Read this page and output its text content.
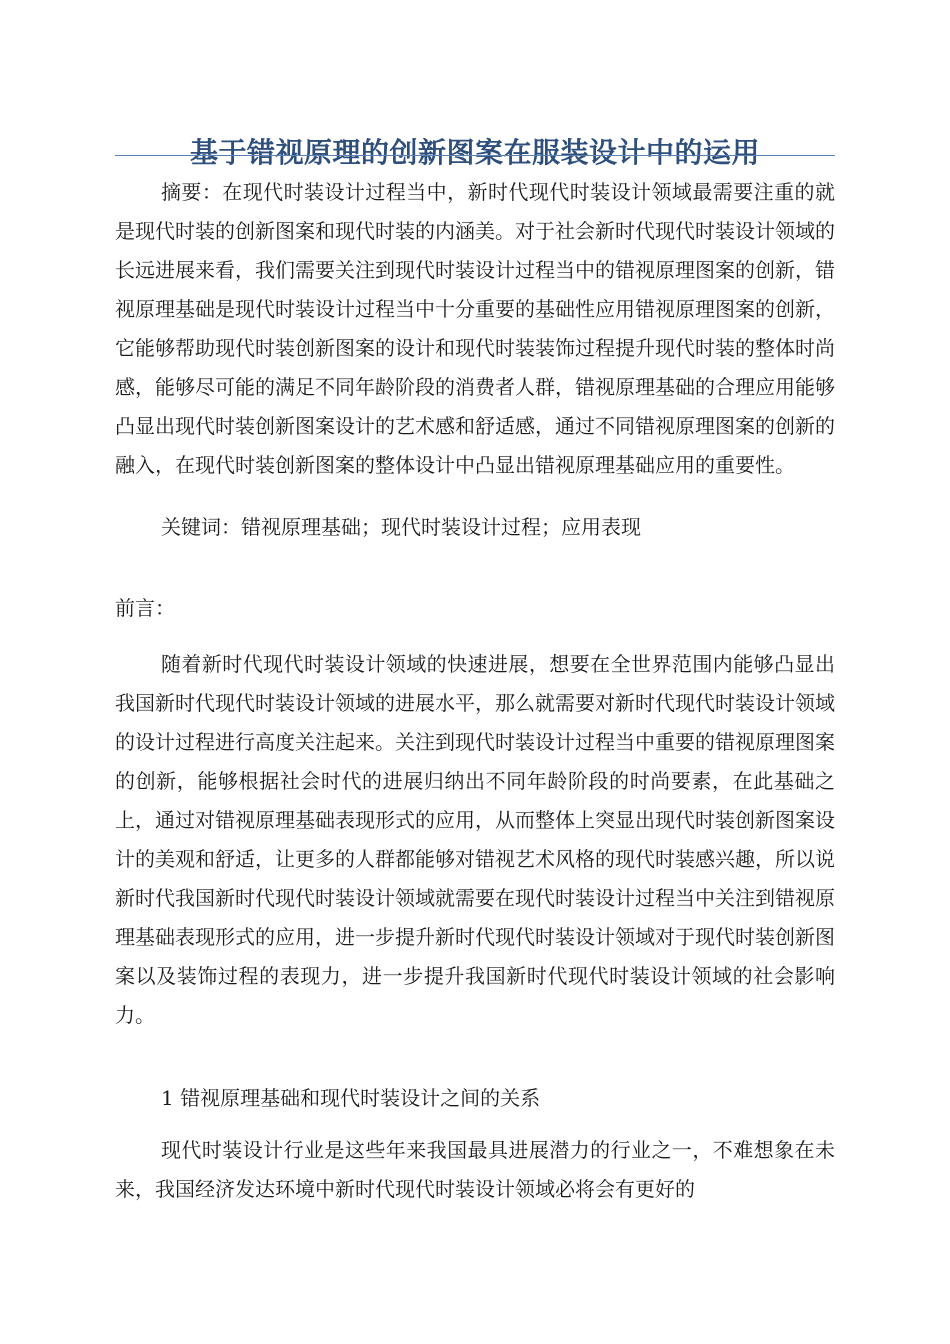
基于错视原理的创新图案在服装设计中的运用

摘要：在现代时装设计过程当中，新时代现代时装设计领域最需要注重的就是现代时装的创新图案和现代时装的内涵美。对于社会新时代现代时装设计领域的长远进展来看，我们需要关注到现代时装设计过程当中的错视原理图案的创新，错视原理基础是现代时装设计过程当中十分重要的基础性应用错视原理图案的创新，它能够帮助现代时装创新图案的设计和现代时装装饰过程提升现代时装的整体时尚感，能够尽可能的满足不同年龄阶段的消费者人群，错视原理基础的合理应用能够凸显出现代时装创新图案设计的艺术感和舒适感，通过不同错视原理图案的创新的融入，在现代时装创新图案的整体设计中凸显出错视原理基础应用的重要性。

关键词：错视原理基础；现代时装设计过程；应用表现

前言：

随着新时代现代时装设计领域的快速进展，想要在全世界范围内能够凸显出我国新时代现代时装设计领域的进展水平，那么就需要对新时代现代时装设计领域的设计过程进行高度关注起来。关注到现代时装设计过程当中重要的错视原理图案的创新，能够根据社会时代的进展归纳出不同年龄阶段的时尚要素，在此基础之上，通过对错视原理基础表现形式的应用，从而整体上突显出现代时装创新图案设计的美观和舒适，让更多的人群都能够对错视艺术风格的现代时装感兴趣，所以说新时代我国新时代现代时装设计领域就需要在现代时装设计过程当中关注到错视原理基础表现形式的应用，进一步提升新时代现代时装设计领域对于现代时装创新图案以及装饰过程的表现力，进一步提升我国新时代现代时装设计领域的社会影响力。

1 错视原理基础和现代时装设计之间的关系

现代时装设计行业是这些年来我国最具进展潜力的行业之一，不难想象在未来，我国经济发达环境中新时代现代时装设计领域必将会有更好的
